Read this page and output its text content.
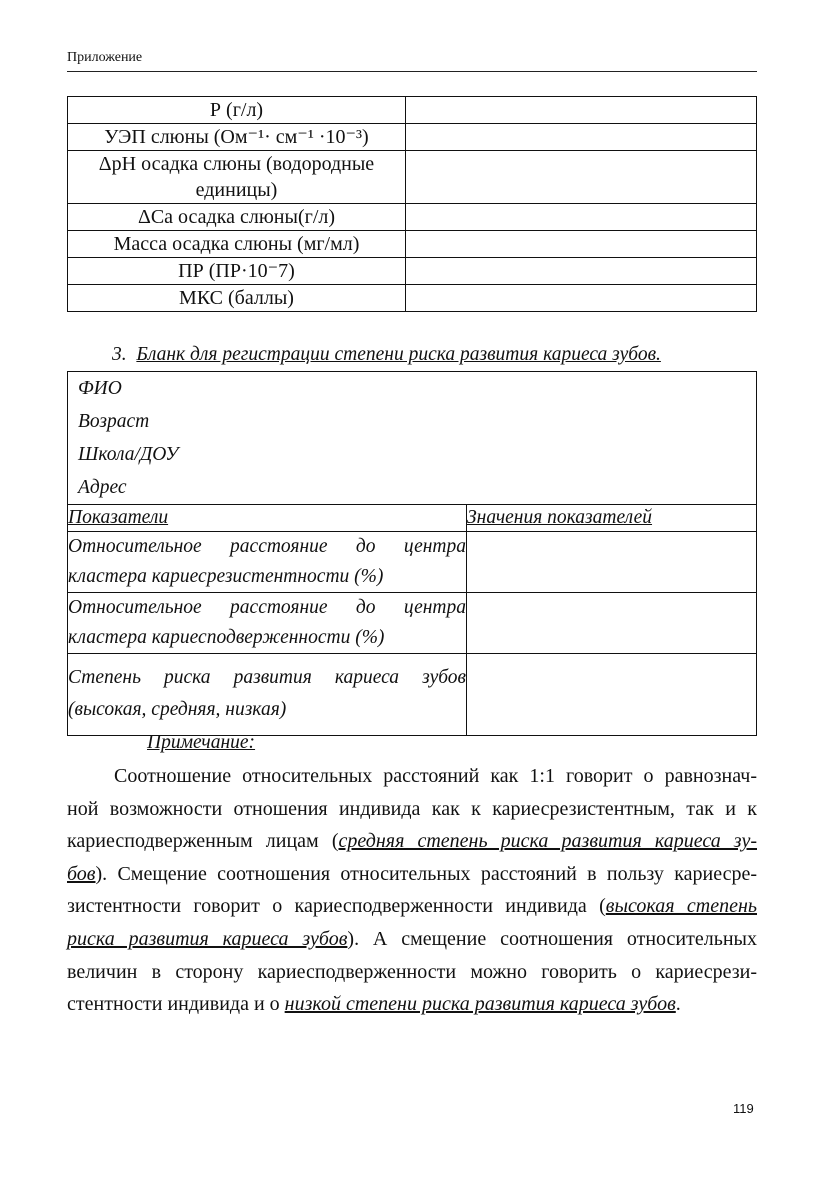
Приложение
Р (г/л)	
УЭП слюны (Ом⁻¹· см⁻¹ ·10⁻³)	
ΔрН осадка слюны (водородные единицы)	
ΔСа осадка слюны(г/л)	
Масса осадка слюны (мг/мл)	
ПР (ПР·10⁻7)	
МКС (баллы)	
3. Бланк для регистрации степени риска развития кариеса зубов.
ФИО
Возраст
Школа/ДОУ
Адрес	

Показатели	Значения показателей
Относительное расстояние до центра кластера кариесрезистентности (%)	
Относительное расстояние до центра кластера кариесподверженности (%)	
Степень риска развития кариеса зубов (высокая, средняя, низкая)	
Примечание:
Соотношение относительных расстояний как 1:1 говорит о равнознач-
ной возможности отношения индивида как к кариесрезистентным, так и к
кариесподверженным лицам (средняя степень риска развития кариеса зу-
бов). Смещение соотношения относительных расстояний в пользу кариесре-
зистентности говорит о кариесподверженности индивида (высокая степень
риска развития кариеса зубов). А смещение соотношения относительных
величин в сторону кариесподверженности можно говорить о кариесрези-
стентности индивида и о низкой степени риска развития кариеса зубов.
119
